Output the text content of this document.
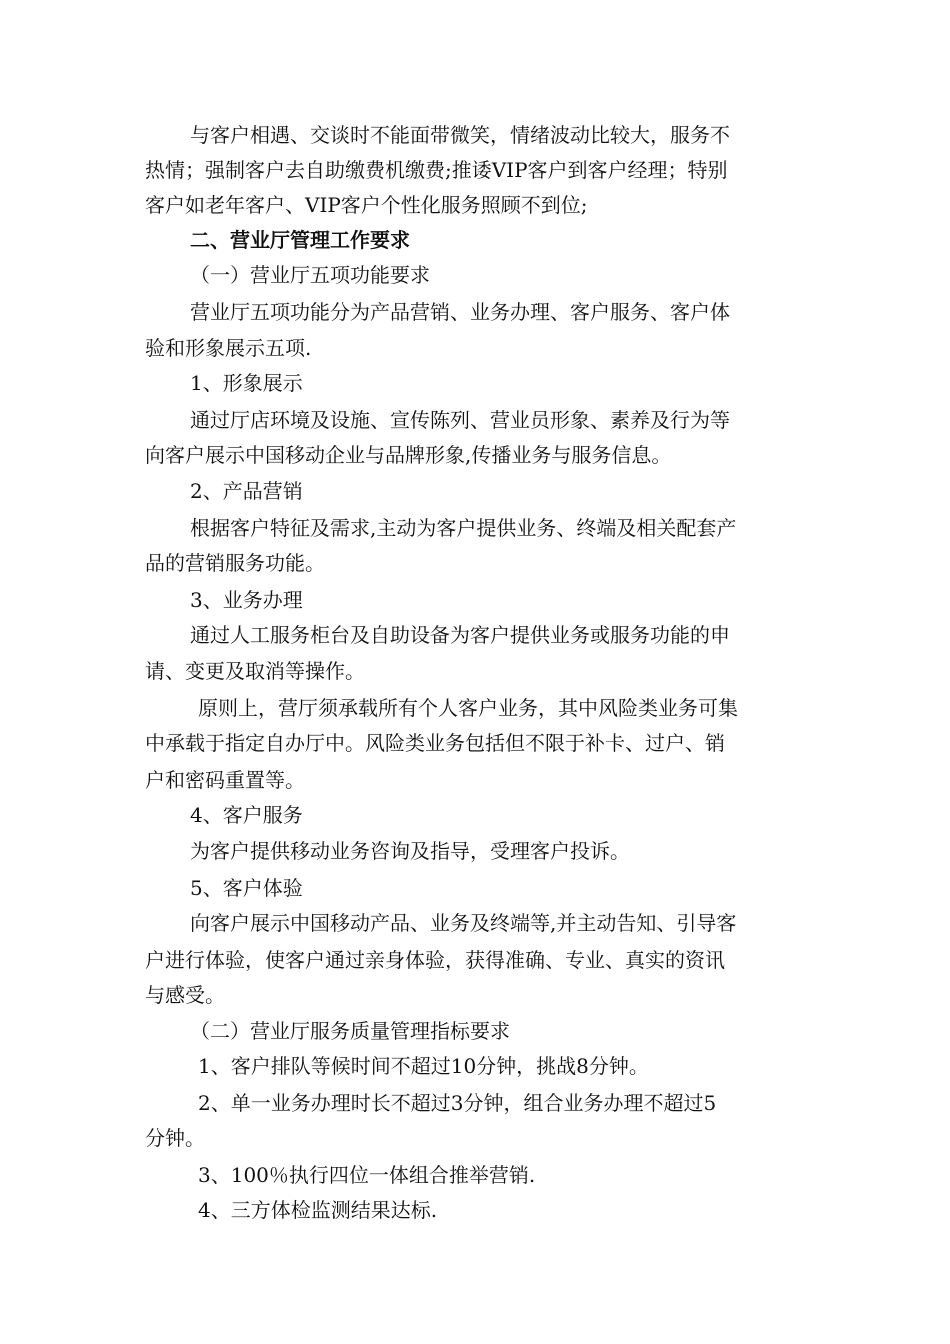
与客户相遇、交谈时不能面带微笑，情绪波动比较大，服务不
热情；强制客户去自助缴费机缴费;推诿VIP客户到客户经理；特别
客户如老年客户、VIP客户个性化服务照顾不到位;
二、营业厅管理工作要求
（一）营业厅五项功能要求
营业厅五项功能分为产品营销、业务办理、客户服务、客户体
验和形象展示五项.
1、形象展示
通过厅店环境及设施、宣传陈列、营业员形象、素养及行为等
向客户展示中国移动企业与品牌形象,传播业务与服务信息。
2、产品营销
根据客户特征及需求,主动为客户提供业务、终端及相关配套产
品的营销服务功能。
3、业务办理
通过人工服务柜台及自助设备为客户提供业务或服务功能的申
请、变更及取消等操作。
原则上，营厅须承载所有个人客户业务，其中风险类业务可集
中承载于指定自办厅中。风险类业务包括但不限于补卡、过户、销
户和密码重置等。
4、客户服务
为客户提供移动业务咨询及指导，受理客户投诉。
5、客户体验
向客户展示中国移动产品、业务及终端等,并主动告知、引导客
户进行体验，使客户通过亲身体验，获得准确、专业、真实的资讯
与感受。
（二）营业厅服务质量管理指标要求
1、客户排队等候时间不超过10分钟，挑战8分钟。
2、单一业务办理时长不超过3分钟，组合业务办理不超过5
分钟。
3、100％执行四位一体组合推举营销.
4、三方体检监测结果达标.
